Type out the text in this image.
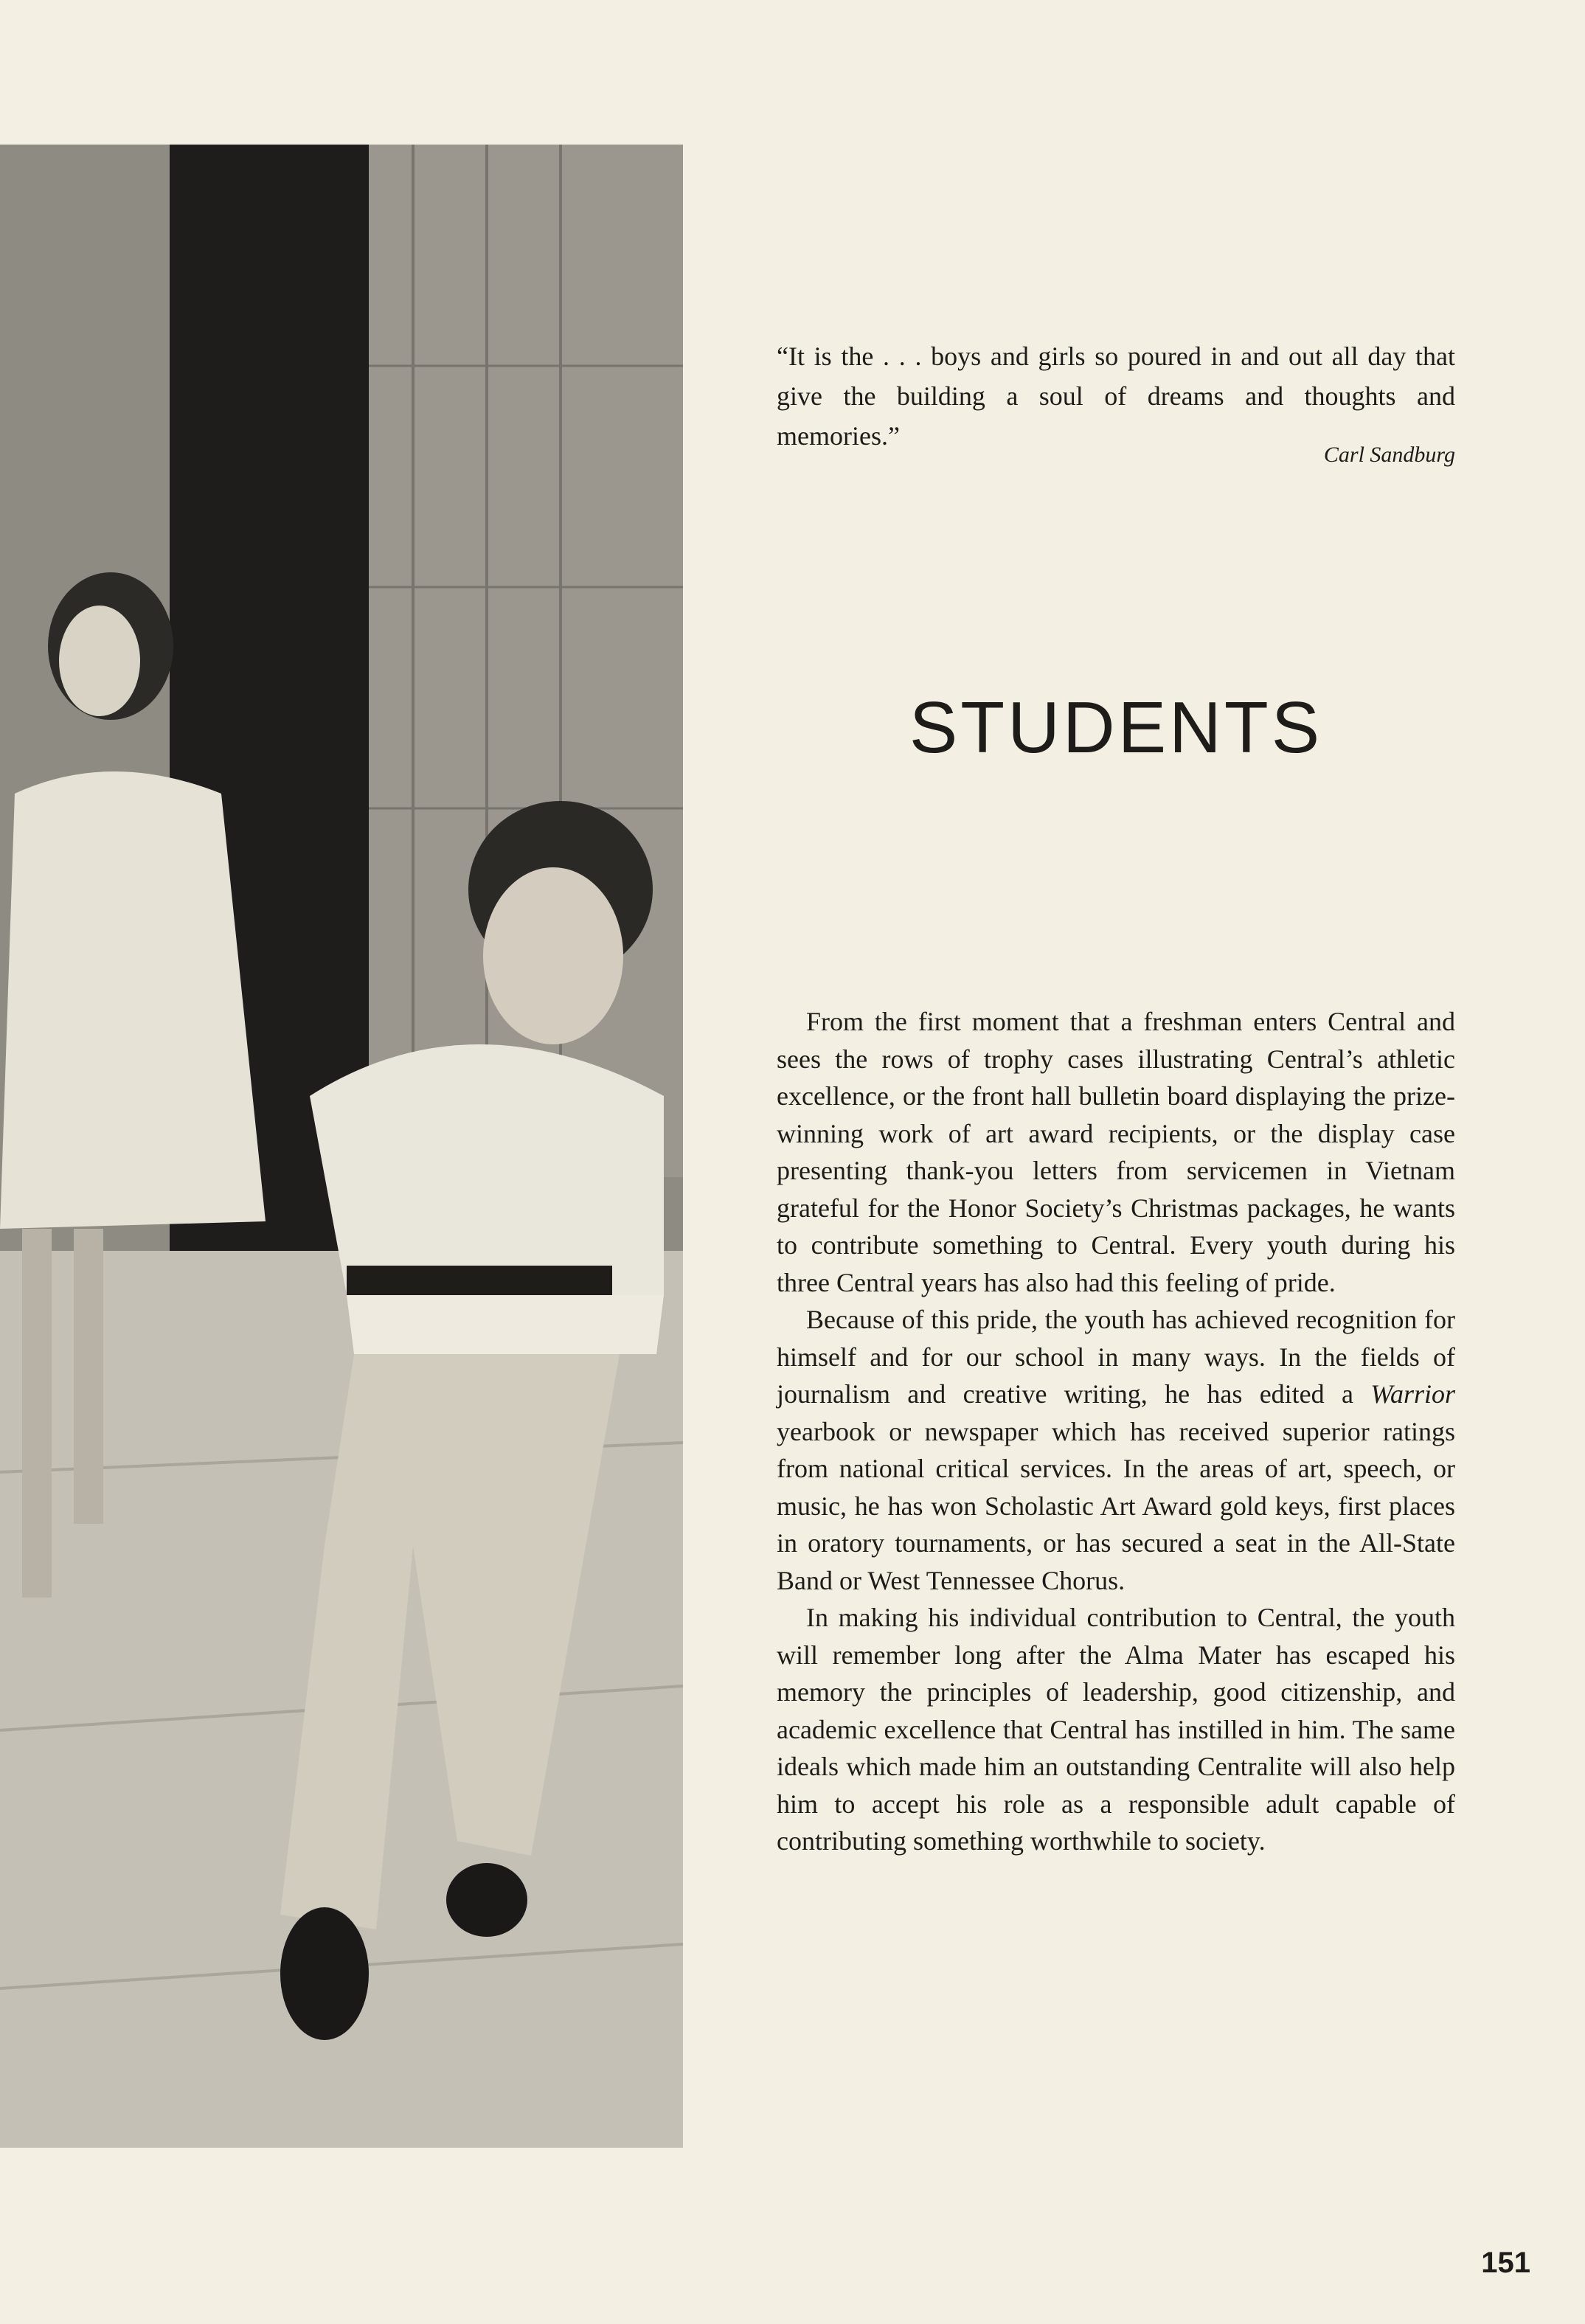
“It is the . . . boys and girls so poured in and out all day that give the building a soul of dreams and thoughts and memories.”

Carl Sandburg

STUDENTS

From the first moment that a freshman enters Central and sees the rows of trophy cases illustrating Central’s athletic excellence, or the front hall bulletin board displaying the prize-winning work of art award recipients, or the display case presenting thank-you letters from servicemen in Vietnam grateful for the Honor Society’s Christmas packages, he wants to contribute something to Central. Every youth during his three Central years has also had this feeling of pride.

Because of this pride, the youth has achieved recognition for himself and for our school in many ways. In the fields of journalism and creative writing, he has edited a Warrior yearbook or newspaper which has received superior ratings from national critical services. In the areas of art, speech, or music, he has won Scholastic Art Award gold keys, first places in oratory tournaments, or has secured a seat in the All-State Band or West Tennessee Chorus.

In making his individual contribution to Central, the youth will remember long after the Alma Mater has escaped his memory the principles of leadership, good citizenship, and academic excellence that Central has instilled in him. The same ideals which made him an outstanding Centralite will also help him to accept his role as a responsible adult capable of contributing something worthwhile to society.

151
